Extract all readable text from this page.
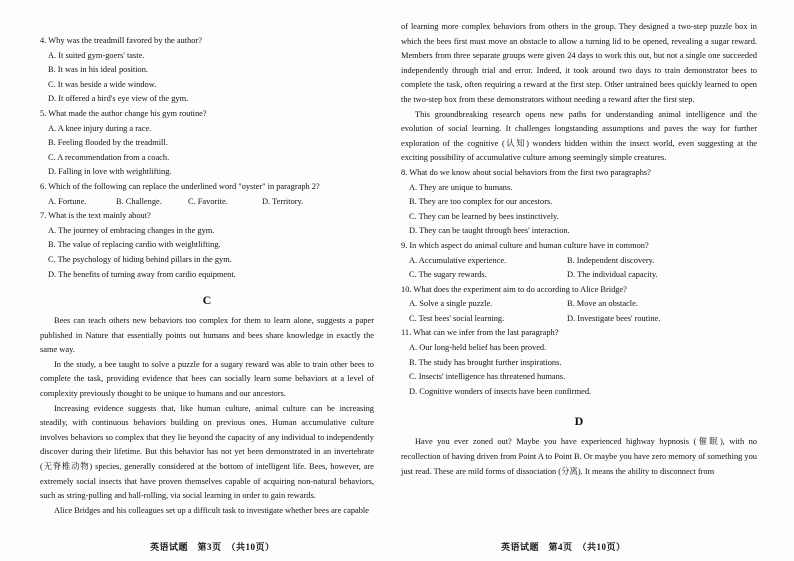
4. Why was the treadmill favored by the author?

A. It suited gym-goers' taste.

B. It was in his ideal position.

C. It was beside a wide window.

D. It offered a bird's eye view of the gym.

5. What made the author change his gym routine?

A. A knee injury during a race.

B. Feeling flooded by the treadmill.

C. A recommendation from a coach.

D. Falling in love with weightlifting.

6. Which of the following can replace the underlined word "oyster" in paragraph 2?

A. Fortune.	B. Challenge.	C. Favorite.	D. Territory.

7. What is the text mainly about?

A. The journey of embracing changes in the gym.

B. The value of replacing cardio with weightlifting.

C. The psychology of hiding behind pillars in the gym.

D. The benefits of turning away from cardio equipment.

C

Bees can teach others new behaviors too complex for them to learn alone, suggests a paper published in Nature that essentially points out humans and bees share knowledge in exactly the same way.

In the study, a bee taught to solve a puzzle for a sugary reward was able to train other bees to complete the task, providing evidence that bees can socially learn some behaviors at a level of complexity previously thought to be unique to humans and our ancestors.

Increasing evidence suggests that, like human culture, animal culture can be increasing steadily, with continuous behaviors building on previous ones. Human accumulative culture involves behaviors so complex that they lie beyond the capacity of any individual to independently discover during their lifetime. But this behavior has not yet been demonstrated in an invertebrate (无脊椎动物) species, generally considered at the bottom of intelligent life. Bees, however, are extremely social insects that have proven themselves capable of acquiring non-natural behaviors, such as string-pulling and ball-rolling, via social learning in order to gain rewards.

Alice Bridges and his colleagues set up a difficult task to investigate whether bees are capable

英语试题　第3页　（共10页）

of learning more complex behaviors from others in the group. They designed a two-step puzzle box in which the bees first must move an obstacle to allow a turning lid to be opened, revealing a sugar reward. Members from three separate groups were given 24 days to work this out, but not a single one succeeded independently through trial and error. Indeed, it took around two days to train demonstrator bees to complete the task, often requiring a reward at the first step. Other untrained bees quickly learned to open the two-step box from these demonstrators without needing a reward after the first step.

This groundbreaking research opens new paths for understanding animal intelligence and the evolution of social learning. It challenges longstanding assumptions and paves the way for further exploration of the cognitive (认知) wonders hidden within the insect world, even suggesting at the exciting possibility of accumulative culture among seemingly simple creatures.

8. What do we know about social behaviors from the first two paragraphs?

A. They are unique to humans.

B. They are too complex for our ancestors.

C. They can be learned by bees instinctively.

D. They can be taught through bees' interaction.

9. In which aspect do animal culture and human culture have in common?

A. Accumulative experience.	B. Independent discovery.
C. The sugary rewards.	D. The individual capacity.

10. What does the experiment aim to do according to Alice Bridge?

A. Solve a single puzzle.	B. Move an obstacle.
C. Test bees' social learning.	D. Investigate bees' routine.

11. What can we infer from the last paragraph?

A. Our long-held belief has been proved.

B. The study has brought further inspirations.

C. Insects' intelligence has threatened humans.

D. Cognitive wonders of insects have been confirmed.

D

Have you ever zoned out? Maybe you have experienced highway hypnosis (催眠), with no recollection of having driven from Point A to Point B. Or maybe you have zero memory of something you just read. These are mild forms of dissociation (分离). It means the ability to disconnect from

英语试题　第4页　（共10页）
